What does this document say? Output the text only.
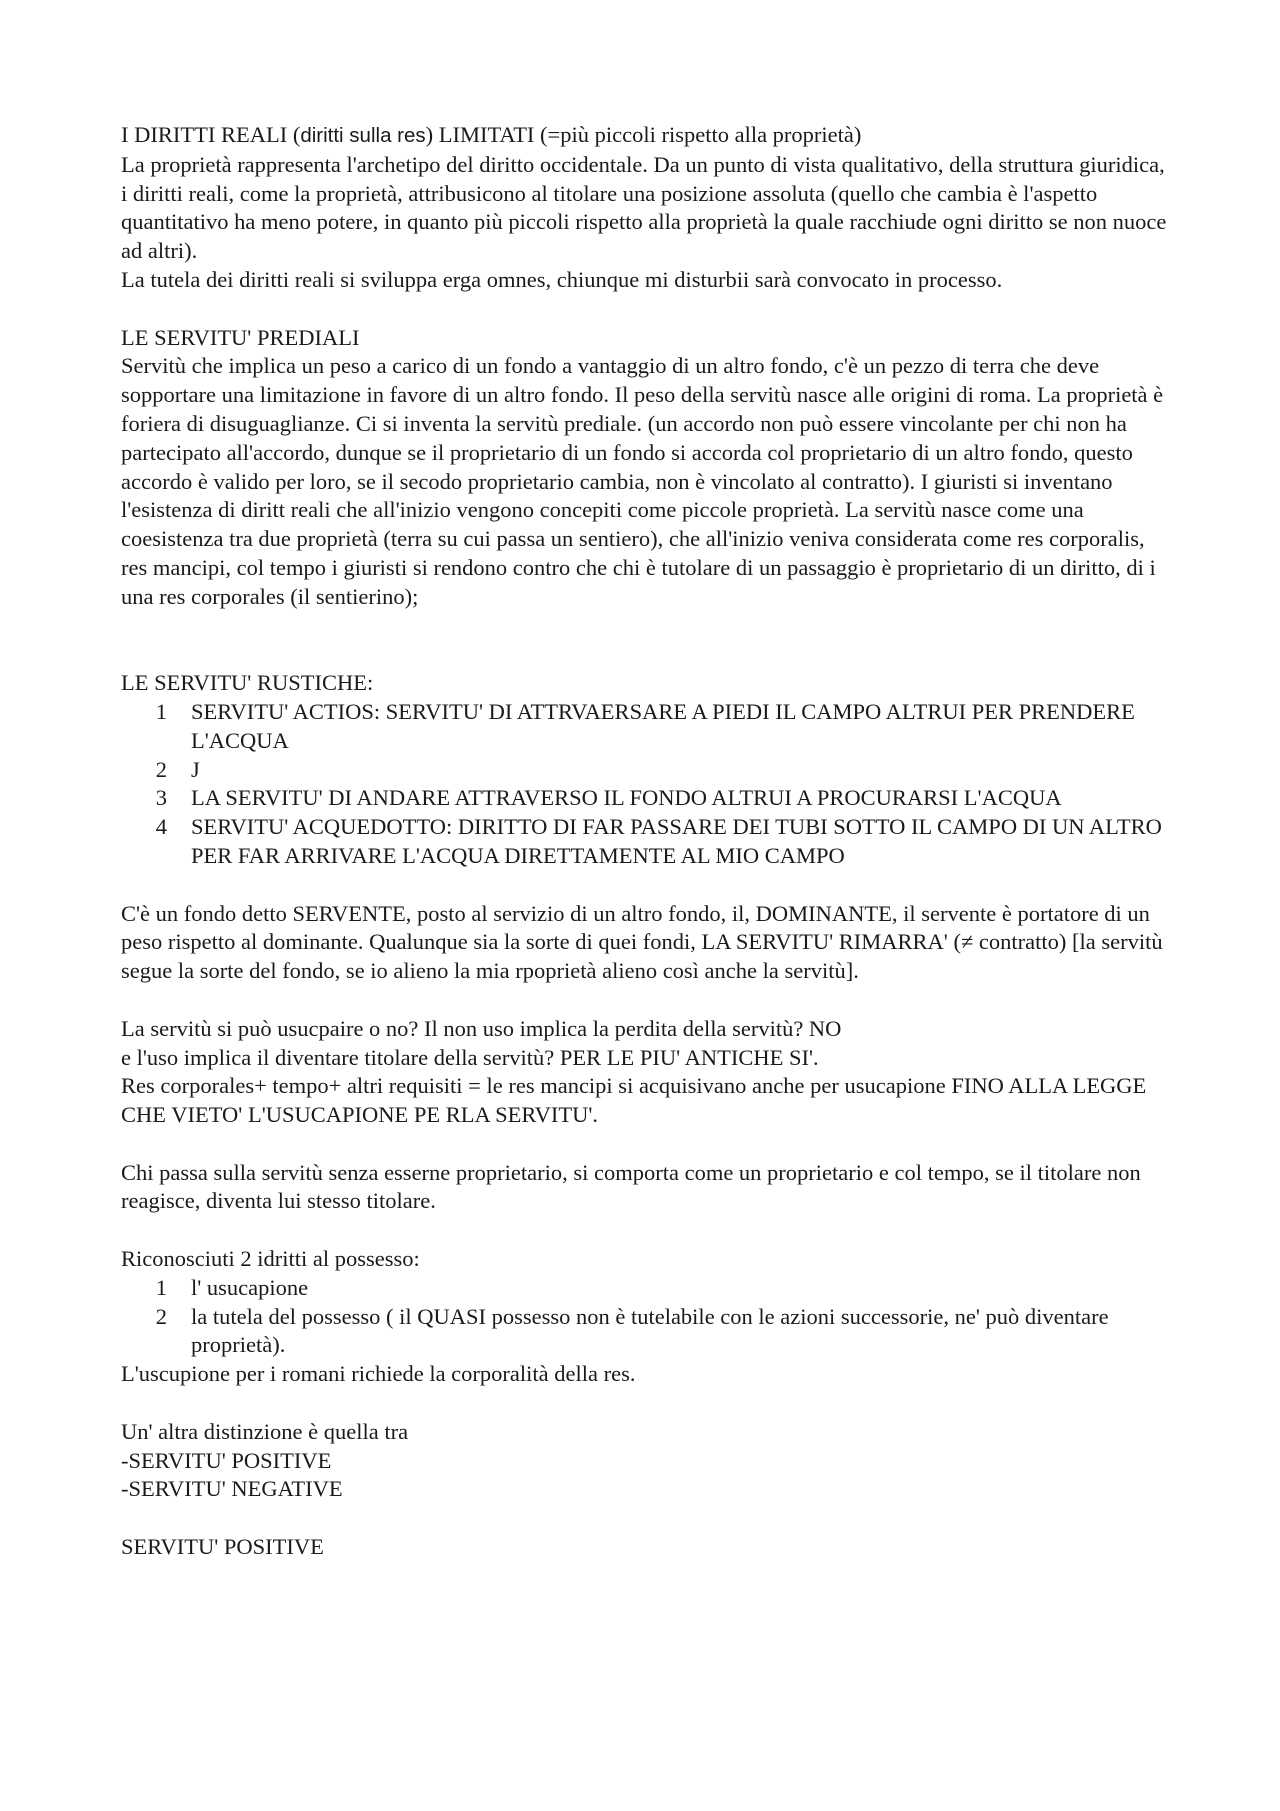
I DIRITTI REALI (diritti sulla res) LIMITATI (=più piccoli rispetto alla proprietà)

La proprietà rappresenta l'archetipo del diritto occidentale. Da un punto di vista qualitativo, della struttura giuridica, i diritti reali, come la proprietà, attribusicono al titolare una posizione assoluta (quello che cambia è l'aspetto quantitativo ha meno potere, in quanto più piccoli rispetto alla proprietà la quale racchiude ogni diritto se non nuoce ad altri).

La tutela dei diritti reali si sviluppa erga omnes, chiunque mi disturbii sarà convocato in processo.

LE SERVITU' PREDIALI

Servitù che implica un peso a carico di un fondo a vantaggio di un altro fondo, c'è un pezzo di terra che deve sopportare una limitazione in favore di un altro fondo. Il peso della servitù nasce alle origini di roma. La proprietà è foriera di disuguaglianze. Ci si inventa la servitù prediale. (un accordo non può essere vincolante per chi non ha partecipato all'accordo, dunque se il proprietario di un fondo si accorda col proprietario di un altro fondo, questo accordo è valido per loro, se il secodo proprietario cambia, non è vincolato al contratto). I giuristi si inventano l'esistenza di diritt reali che all'inizio vengono concepiti come piccole proprietà. La servitù nasce come una coesistenza tra due proprietà (terra su cui passa un sentiero), che all'inizio veniva considerata come res corporalis, res mancipi, col tempo i giuristi si rendono contro che chi è tutolare di un passaggio è proprietario di un diritto, di i una res corporales (il sentierino);

LE SERVITU' RUSTICHE:

1	SERVITU' ACTIOS: SERVITU' DI ATTRVAERSARE A PIEDI IL CAMPO ALTRUI PER PRENDERE L'ACQUA
2	J
3	LA SERVITU' DI ANDARE ATTRAVERSO IL FONDO ALTRUI A PROCURARSI L'ACQUA
4	SERVITU' ACQUEDOTTO: DIRITTO DI FAR PASSARE DEI TUBI SOTTO IL CAMPO DI UN ALTRO PER FAR ARRIVARE L'ACQUA DIRETTAMENTE AL MIO CAMPO

C'è un fondo detto SERVENTE, posto al servizio di un altro fondo, il, DOMINANTE, il servente è portatore di un peso rispetto al dominante. Qualunque sia la sorte di quei fondi, LA SERVITU' RIMARRA' (≠ contratto) [la servitù segue la sorte del fondo, se io alieno la mia rpoprietà alieno così anche la servitù].

La servitù si può usucpaire o no? Il non uso implica la perdita della servitù? NO

e l'uso implica il diventare titolare della servitù? PER LE PIU' ANTICHE SI'.

Res corporales+ tempo+ altri requisiti = le res mancipi si acquisivano anche per usucapione FINO ALLA LEGGE CHE VIETO' L'USUCAPIONE PE RLA SERVITU'.

Chi passa sulla servitù senza esserne proprietario, si comporta come un proprietario e col tempo, se il titolare non reagisce, diventa lui stesso titolare.

Riconosciuti 2 idritti al possesso:

1	l' usucapione
2	la tutela del possesso ( il QUASI possesso non è tutelabile con le azioni successorie, ne' può diventare proprietà).

L'uscupione per i romani richiede la corporalità della res.

Un' altra distinzione è quella tra

-SERVITU' POSITIVE

-SERVITU' NEGATIVE

SERVITU' POSITIVE
